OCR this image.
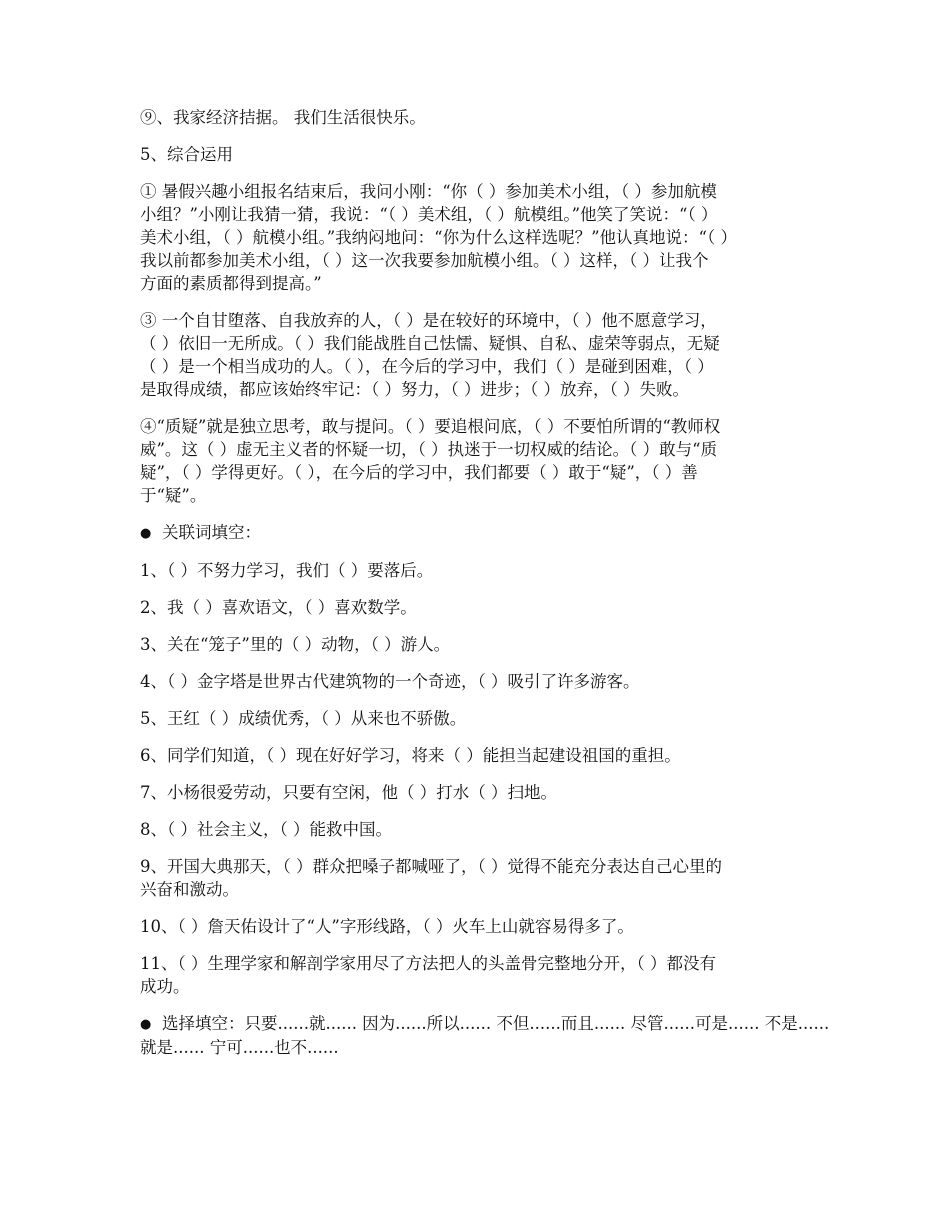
⑨、我家经济拮据。 我们生活很快乐。
5、综合运用
① 暑假兴趣小组报名结束后，我问小刚：“你（ ）参加美术小组，（ ）参加航模
小组？”小刚让我猜一猜，我说：“（ ）美术组，（ ）航模组。”他笑了笑说：“（ ）
美术小组，（ ）航模小组。”我纳闷地问：“你为什么这样选呢？”他认真地说：“（ ）
我以前都参加美术小组，（ ）这一次我要参加航模小组。（ ）这样，（ ）让我个
方面的素质都得到提高。”
③ 一个自甘堕落、自我放弃的人，（ ）是在较好的环境中，（ ）他不愿意学习，
（ ）依旧一无所成。（ ）我们能战胜自己怯懦、疑惧、自私、虚荣等弱点，无疑
（ ）是一个相当成功的人。（ ），在今后的学习中，我们（ ）是碰到困难，（ ）
是取得成绩，都应该始终牢记：（ ）努力，（ ）进步；（ ）放弃，（ ）失败。
④“质疑”就是独立思考，敢与提问。（ ）要追根问底，（ ）不要怕所谓的“教师权
威”。这（ ）虚无主义者的怀疑一切，（ ）执迷于一切权威的结论。（ ）敢与“质
疑”，（ ）学得更好。（ ），在今后的学习中，我们都要（ ）敢于“疑”，（ ）善
于“疑”。
● 关联词填空：
1、（ ）不努力学习，我们（ ）要落后。
2、我（ ）喜欢语文，（ ）喜欢数学。
3、关在“笼子”里的（ ）动物，（ ）游人。
4、（ ）金字塔是世界古代建筑物的一个奇迹，（ ）吸引了许多游客。
5、王红（ ）成绩优秀，（ ）从来也不骄傲。
6、同学们知道，（ ）现在好好学习，将来（ ）能担当起建设祖国的重担。
7、小杨很爱劳动，只要有空闲，他（ ）打水（ ）扫地。
8、（ ）社会主义，（ ）能救中国。
9、开国大典那天，（ ）群众把嗓子都喊哑了，（ ）觉得不能充分表达自己心里的
兴奋和激动。
10、（ ）詹天佑设计了“人”字形线路，（ ）火车上山就容易得多了。
11、（ ）生理学家和解剖学家用尽了方法把人的头盖骨完整地分开，（ ）都没有
成功。
● 选择填空：只要......就...... 因为......所以...... 不但......而且...... 尽管......可是...... 不是......
就是...... 宁可......也不......
